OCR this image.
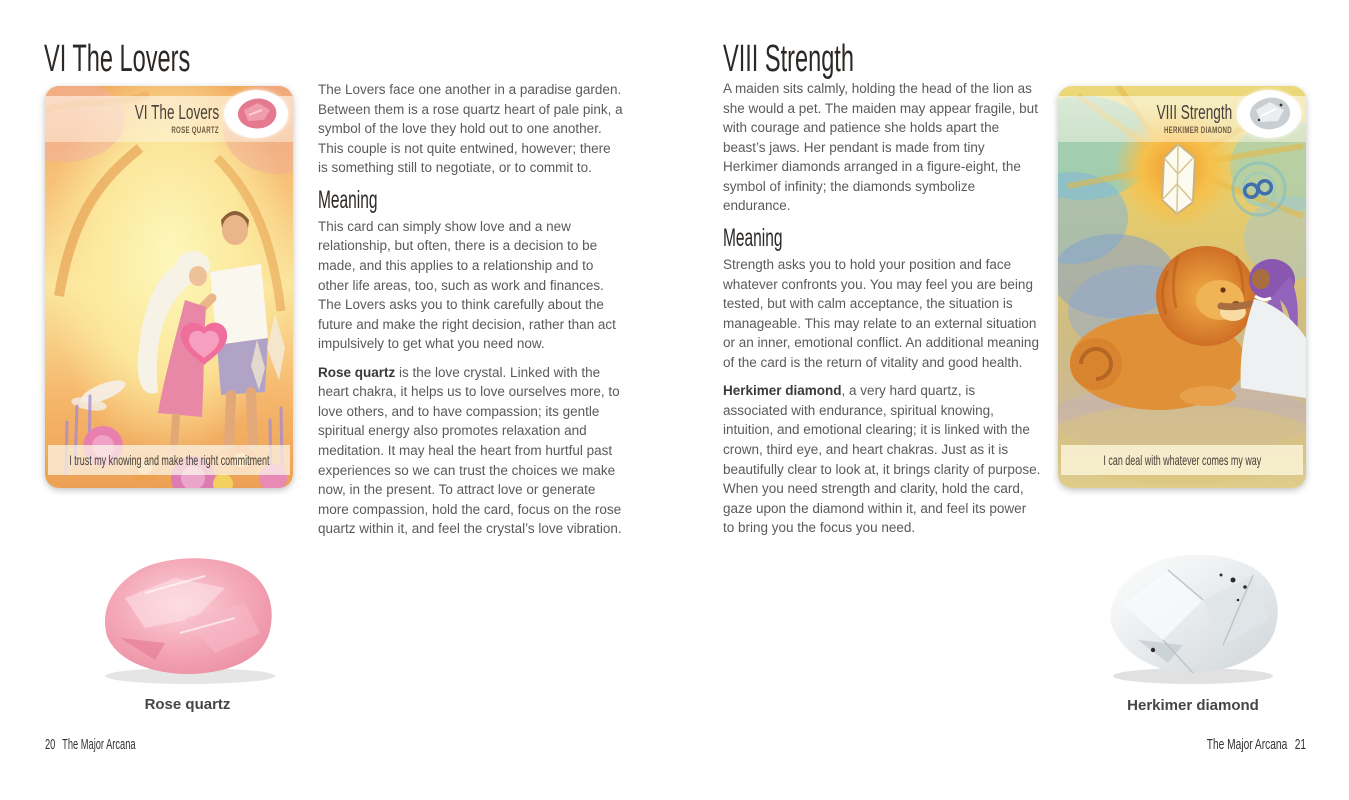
VI The Lovers
VI The Lovers
ROSE QUARTZ
I trust my knowing and make the right commitment

The Lovers face one another in a paradise garden. Between them is a rose quartz heart of pale pink, a symbol of the love they hold out to one another. This couple is not quite entwined, however; there is something still to negotiate, or to commit to.

Meaning

This card can simply show love and a new relationship, but often, there is a decision to be made, and this applies to a relationship and to other life areas, too, such as work and finances. The Lovers asks you to think carefully about the future and make the right decision, rather than act impulsively to get what you need now.

Rose quartz is the love crystal. Linked with the heart chakra, it helps us to love ourselves more, to love others, and to have compassion; its gentle spiritual energy also promotes relaxation and meditation. It may heal the heart from hurtful past experiences so we can trust the choices we make now, in the present. To attract love or generate more compassion, hold the card, focus on the rose quartz within it, and feel the crystal’s love vibration.

Rose quartz
20 The Major Arcana
VIII Strength

A maiden sits calmly, holding the head of the lion as she would a pet. The maiden may appear fragile, but with courage and patience she holds apart the beast’s jaws. Her pendant is made from tiny Herkimer diamonds arranged in a figure-eight, the symbol of infinity; the diamonds symbolize endurance.

Meaning

Strength asks you to hold your position and face whatever confronts you. You may feel you are being tested, but with calm acceptance, the situation is manageable. This may relate to an external situation or an inner, emotional conflict. An additional meaning of the card is the return of vitality and good health.

Herkimer diamond, a very hard quartz, is associated with endurance, spiritual knowing, intuition, and emotional clearing; it is linked with the crown, third eye, and heart chakras. Just as it is beautifully clear to look at, it brings clarity of purpose. When you need strength and clarity, hold the card, gaze upon the diamond within it, and feel its power to bring you the focus you need.

VIII Strength
HERKIMER DIAMOND
I can deal with whatever comes my way
Herkimer diamond
The Major Arcana 21
